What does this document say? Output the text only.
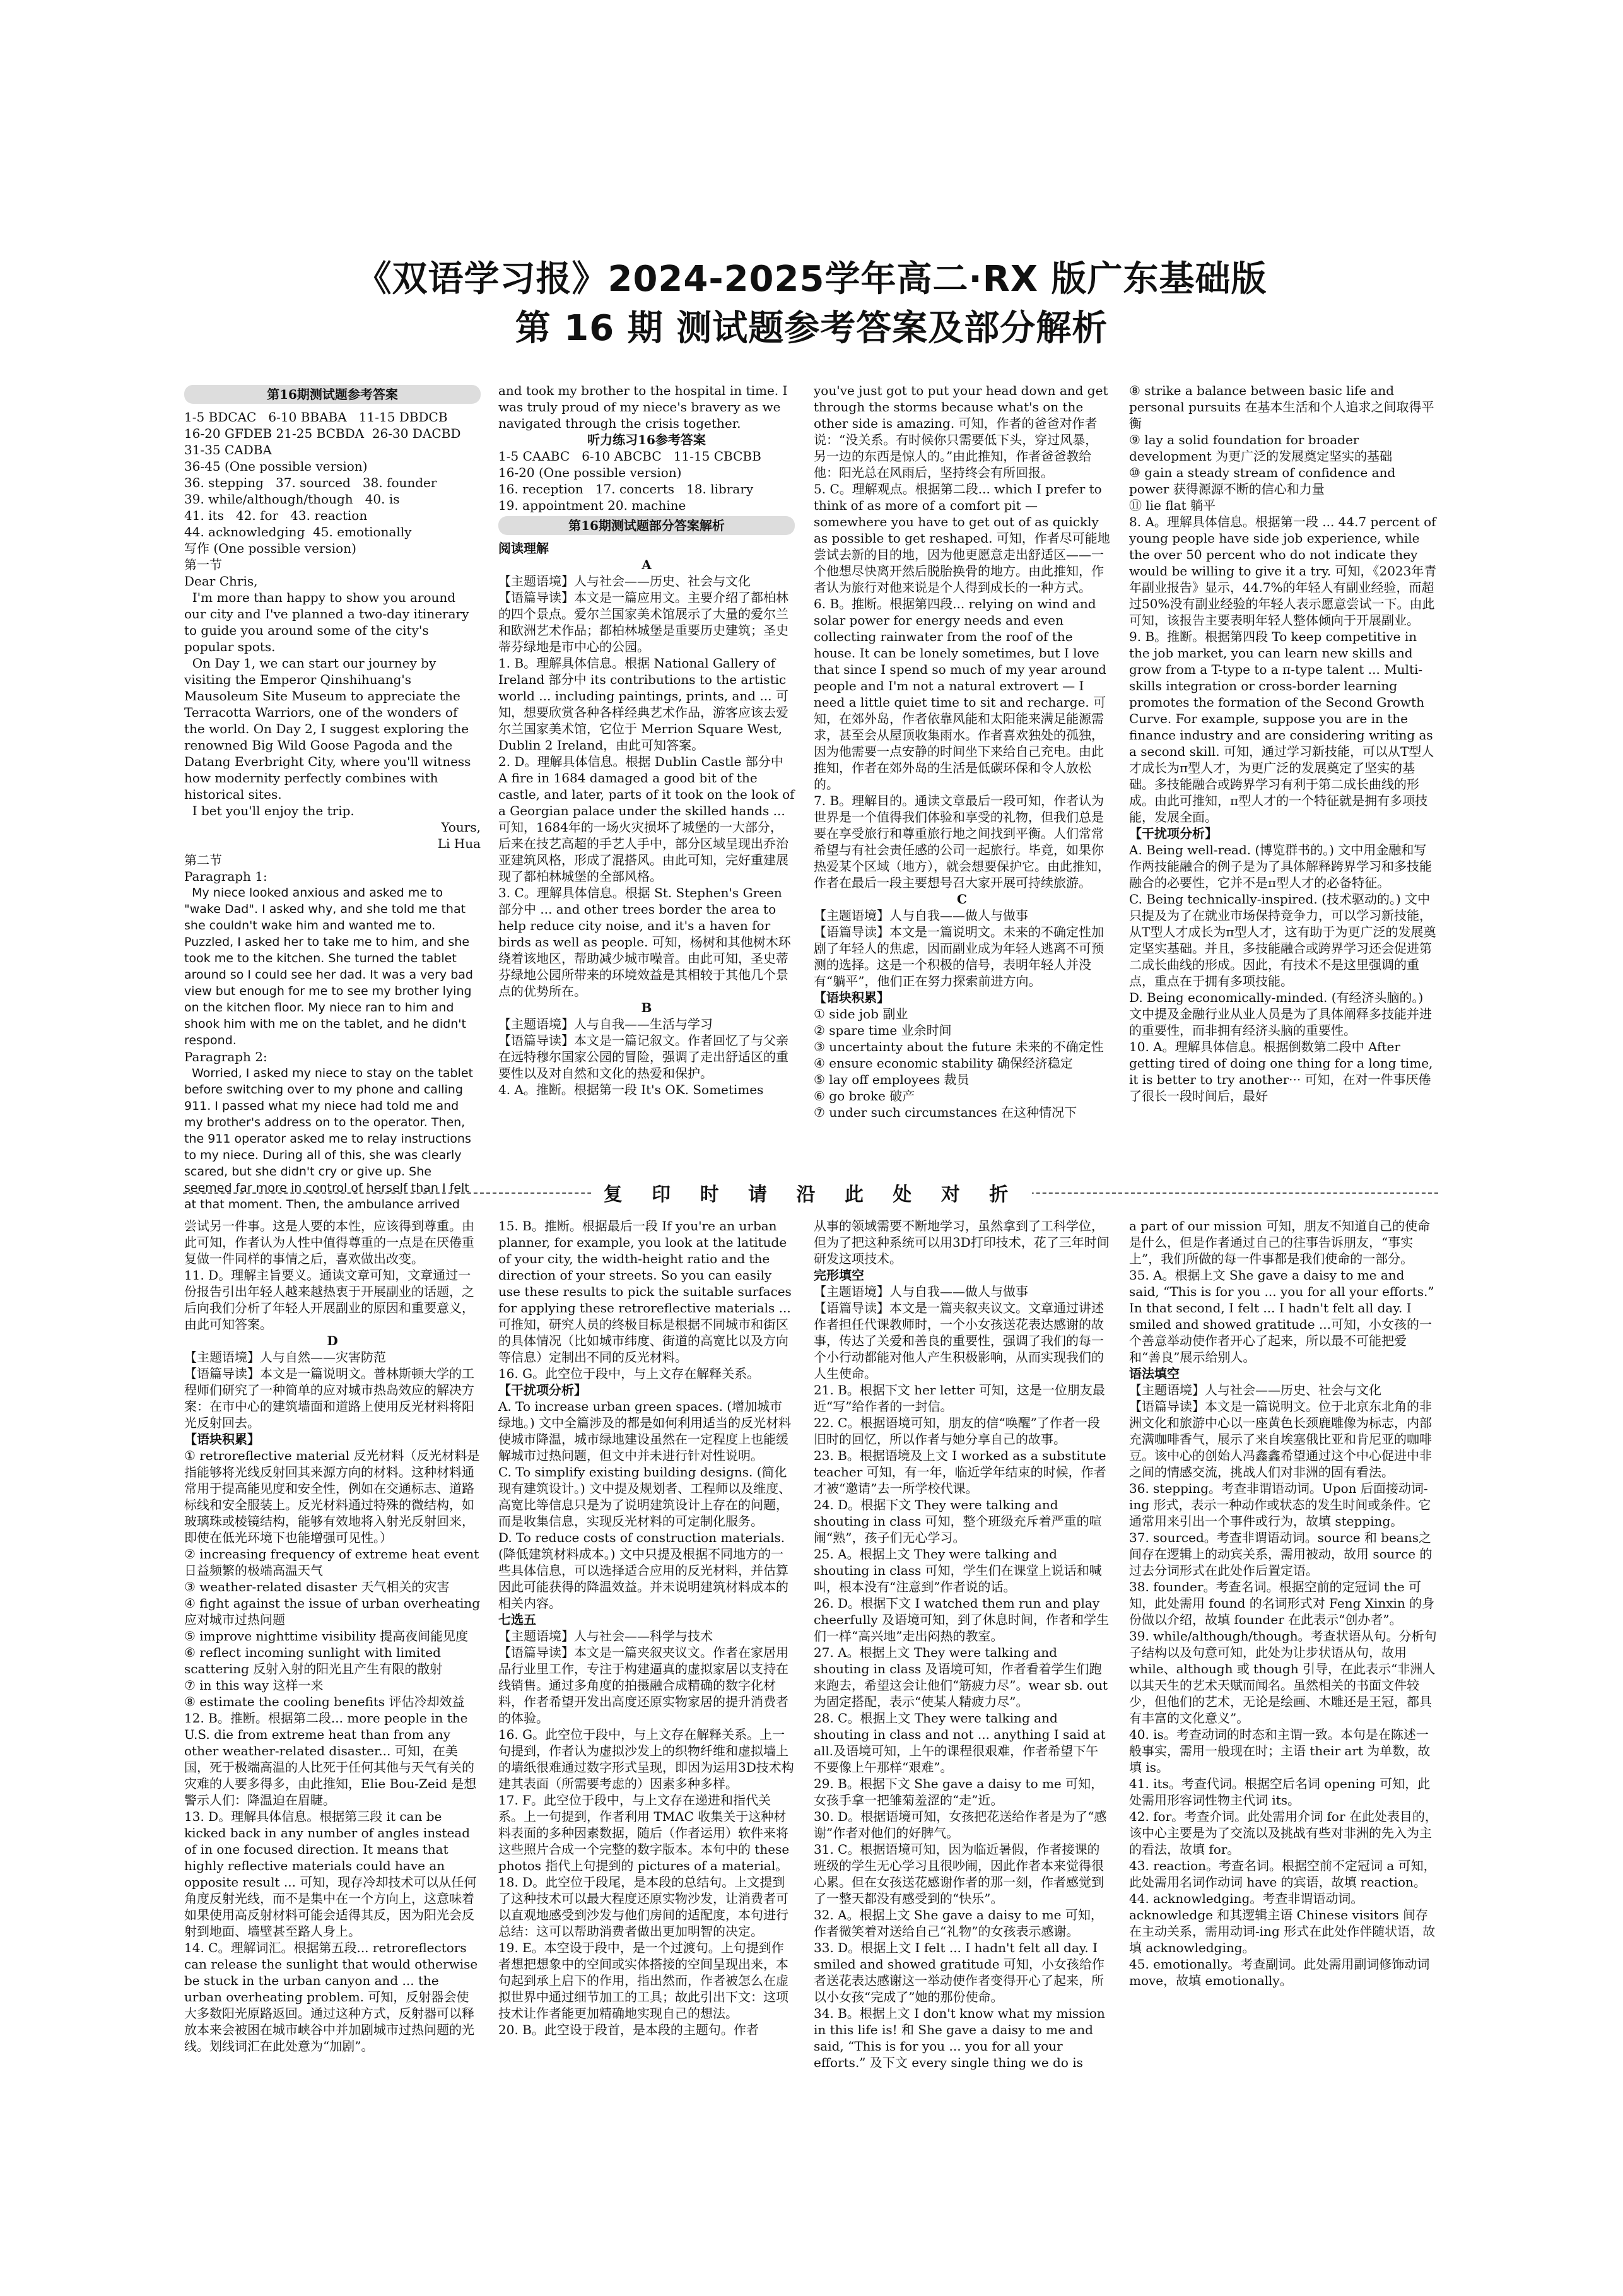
《双语学习报》2024-2025学年高二·RX 版广东基础版
第 16 期 测试题参考答案及部分解析
第16期测试题参考答案

1-5 BDCAC   6-10 BBABA   11-15 DBDCB

16-20 GFDEB 21-25 BCBDA  26-30 DACBD

31-35 CADBA

36-45 (One possible version)

36. stepping   37. sourced   38. founder

39. while/although/though   40. is

41. its   42. for   43. reaction

44. acknowledging  45. emotionally

写作 (One possible version)

第一节

Dear Chris,

I'm more than happy to show you around our city and I've planned a two-day itinerary to guide you around some of the city's popular spots.

On Day 1, we can start our journey by visiting the Emperor Qinshihuang's Mausoleum Site Museum to appreciate the Terracotta Warriors, one of the wonders of the world. On Day 2, I suggest exploring the renowned Big Wild Goose Pagoda and the Datang Everbright City, where you'll witness how modernity perfectly combines with historical sites.

I bet you'll enjoy the trip.

Yours,

Li Hua

第二节

Paragraph 1:

My niece looked anxious and asked me to "wake Dad". I asked why, and she told me that she couldn't wake him and wanted me to. Puzzled, I asked her to take me to him, and she took me to the kitchen. She turned the tablet around so I could see her dad. It was a very bad view but enough for me to see my brother lying on the kitchen floor. My niece ran to him and shook him with me on the tablet, and he didn't respond.

Paragraph 2:

Worried, I asked my niece to stay on the tablet before switching over to my phone and calling 911. I passed what my niece had told me and my brother's address on to the operator. Then, the 911 operator asked me to relay instructions to my niece. During all of this, she was clearly scared, but she didn't cry or give up. She seemed far more in control of herself than I felt at that moment. Then, the ambulance arrived

and took my brother to the hospital in time. I was truly proud of my niece's bravery as we navigated through the crisis together.

听力练习16参考答案

1-5 CAABC   6-10 ABCBC   11-15 CBCBB

16-20 (One possible version)

16. reception   17. concerts   18. library

19. appointment 20. machine

第16期测试题部分答案解析

阅读理解

A

【主题语境】人与社会——历史、社会与文化

【语篇导读】本文是一篇应用文。主要介绍了都柏林的四个景点。爱尔兰国家美术馆展示了大量的爱尔兰和欧洲艺术作品；都柏林城堡是重要历史建筑；圣史蒂芬绿地是市中心的公园。

1. B。理解具体信息。根据 National Gallery of Ireland 部分中 its contributions to the artistic world ... including paintings, prints, and ... 可知，想要欣赏各种各样经典艺术作品，游客应该去爱尔兰国家美术馆，它位于 Merrion Square West, Dublin 2 Ireland，由此可知答案。

2. D。理解具体信息。根据 Dublin Castle 部分中 A fire in 1684 damaged a good bit of the castle, and later, parts of it took on the look of a Georgian palace under the skilled hands ... 可知，1684年的一场火灾损坏了城堡的一大部分，后来在技艺高超的手艺人手中，部分区域呈现出乔治亚建筑风格，形成了混搭风。由此可知，完好重建展现了都柏林城堡的全部风格。

3. C。理解具体信息。根据 St. Stephen's Green 部分中 ... and other trees border the area to help reduce city noise, and it's a haven for birds as well as people. 可知，杨树和其他树木环绕着该地区，帮助减少城市噪音。由此可知，圣史蒂芬绿地公园所带来的环境效益是其相较于其他几个景点的优势所在。

B

【主题语境】人与自我——生活与学习

【语篇导读】本文是一篇记叙文。作者回忆了与父亲在远特穆尔国家公园的冒险，强调了走出舒适区的重要性以及对自然和文化的热爱和保护。

4. A。推断。根据第一段 It's OK. Sometimes

you've just got to put your head down and get through the storms because what's on the other side is amazing. 可知，作者的爸爸对作者说：“没关系。有时候你只需要低下头，穿过风暴，另一边的东西是惊人的。”由此推知，作者爸爸教给他：阳光总在风雨后，坚持终会有所回报。

5. C。理解观点。根据第二段... which I prefer to think of as more of a comfort pit — somewhere you have to get out of as quickly as possible to get reshaped. 可知，作者尽可能地尝试去新的目的地，因为他更愿意走出舒适区——一个他想尽快离开然后脱胎换骨的地方。由此推知，作者认为旅行对他来说是个人得到成长的一种方式。

6. B。推断。根据第四段... relying on wind and solar power for energy needs and even collecting rainwater from the roof of the house. It can be lonely sometimes, but I love that since I spend so much of my year around people and I'm not a natural extrovert — I need a little quiet time to sit and recharge. 可知，在郊外岛，作者依靠风能和太阳能来满足能源需求，甚至会从屋顶收集雨水。作者喜欢独处的孤独，因为他需要一点安静的时间坐下来给自己充电。由此推知，作者在郊外岛的生活是低碳环保和令人放松的。

7. B。理解目的。通读文章最后一段可知，作者认为世界是一个值得我们体验和享受的礼物，但我们总是要在享受旅行和尊重旅行地之间找到平衡。人们常常希望与有社会责任感的公司一起旅行。毕竟，如果你热爱某个区域（地方），就会想要保护它。由此推知，作者在最后一段主要想号召大家开展可持续旅游。

C

【主题语境】人与自我——做人与做事

【语篇导读】本文是一篇说明文。未来的不确定性加剧了年轻人的焦虑，因而副业成为年轻人逃离不可预测的选择。这是一个积极的信号，表明年轻人并没有“躺平”，他们正在努力探索前进方向。

【语块积累】

① side job 副业

② spare time 业余时间

③ uncertainty about the future 未来的不确定性

④ ensure economic stability 确保经济稳定

⑤ lay off employees 裁员

⑥ go broke 破产

⑦ under such circumstances 在这种情况下

⑧ strike a balance between basic life and personal pursuits 在基本生活和个人追求之间取得平衡

⑨ lay a solid foundation for broader development 为更广泛的发展奠定坚实的基础

⑩ gain a steady stream of confidence and power 获得源源不断的信心和力量

⑪ lie flat 躺平

8. A。理解具体信息。根据第一段 ... 44.7 percent of young people have side job experience, while the over 50 percent who do not indicate they would be willing to give it a try. 可知，《2023年青年副业报告》显示，44.7%的年轻人有副业经验，而超过50%没有副业经验的年轻人表示愿意尝试一下。由此可知，该报告主要表明年轻人整体倾向于开展副业。

9. B。推断。根据第四段 To keep competitive in the job market, you can learn new skills and grow from a T-type to a π-type talent ... Multi-skills integration or cross-border learning promotes the formation of the Second Growth Curve. For example, suppose you are in the finance industry and are considering writing as a second skill. 可知，通过学习新技能，可以从T型人才成长为π型人才，为更广泛的发展奠定了坚实的基础。多技能融合或跨界学习有利于第二成长曲线的形成。由此可推知，π型人才的一个特征就是拥有多项技能，发展全面。

【干扰项分析】

A. Being well-read. (博览群书的。) 文中用金融和写作两技能融合的例子是为了具体解释跨界学习和多技能融合的必要性，它并不是π型人才的必备特征。

C. Being technically-inspired. (技术驱动的。) 文中只提及为了在就业市场保持竞争力，可以学习新技能，从T型人才成长为π型人才，这有助于为更广泛的发展奠定坚实基础。并且，多技能融合或跨界学习还会促进第二成长曲线的形成。因此，有技术不是这里强调的重点，重点在于拥有多项技能。

D. Being economically-minded. (有经济头脑的。) 文中提及金融行业从业人员是为了具体阐释多技能并进的重要性，而非拥有经济头脑的重要性。

10. A。理解具体信息。根据倒数第二段中 After getting tired of doing one thing for a long time, it is better to try another··· 可知，在对一件事厌倦了很长一段时间后，最好

复 印 时 请 沿 此 处 对 折

尝试另一件事。这是人要的本性，应该得到尊重。由此可知，作者认为人性中值得尊重的一点是在厌倦重复做一件同样的事情之后，喜欢做出改变。

11. D。理解主旨要义。通读文章可知，文章通过一份报告引出年轻人越来越热衷于开展副业的话题，之后向我们分析了年轻人开展副业的原因和重要意义，由此可知答案。

D

【主题语境】人与自然——灾害防范

【语篇导读】本文是一篇说明文。普林斯顿大学的工程师们研究了一种简单的应对城市热岛效应的解决方案：在市中心的建筑墙面和道路上使用反光材料将阳光反射回去。

【语块积累】

① retroreflective material 反光材料（反光材料是指能够将光线反射回其来源方向的材料。这种材料通常用于提高能见度和安全性，例如在交通标志、道路标线和安全服装上。反光材料通过特殊的微结构，如玻璃珠或棱镜结构，能够有效地将入射光反射回来，即使在低光环境下也能增强可见性。）

② increasing frequency of extreme heat event 日益频繁的极端高温天气

③ weather-related disaster 天气相关的灾害

④ fight against the issue of urban overheating 应对城市过热问题

⑤ improve nighttime visibility 提高夜间能见度

⑥ reflect incoming sunlight with limited scattering 反射入射的阳光且产生有限的散射

⑦ in this way 这样一来

⑧ estimate the cooling benefits 评估冷却效益

12. B。推断。根据第二段... more people in the U.S. die from extreme heat than from any other weather-related disaster... 可知，在美国，死于极端高温的人比死于任何其他与天气有关的灾难的人要多得多，由此推知，Elie Bou-Zeid 是想警示人们：降温迫在眉睫。

13. D。理解具体信息。根据第三段 it can be kicked back in any number of angles instead of in one focused direction. It means that highly reflective materials could have an opposite result ... 可知，现存冷却技术可以从任何角度反射光线，而不是集中在一个方向上，这意味着如果使用高反射材料可能会适得其反，因为阳光会反射到地面、墙壁甚至路人身上。

14. C。理解词汇。根据第五段... retroreflectors can release the sunlight that would otherwise be stuck in the urban canyon and ... the urban overheating problem. 可知，反射器会使大多数阳光原路返回。通过这种方式，反射器可以释放本来会被困在城市峡谷中并加剧城市过热问题的光线。划线词汇在此处意为“加剧”。

15. B。推断。根据最后一段 If you're an urban planner, for example, you look at the latitude of your city, the width-height ratio and the direction of your streets. So you can easily use these results to pick the suitable surfaces for applying these retroreflective materials ... 可推知，研究人员的终极目标是根据不同城市和街区的具体情况（比如城市纬度、街道的高宽比以及方向等信息）定制出不同的反光材料。

16. G。此空位于段中，与上文存在解释关系。

【干扰项分析】

A. To increase urban green spaces. (增加城市绿地。) 文中全篇涉及的都是如何利用适当的反光材料使城市降温，城市绿地建设虽然在一定程度上也能缓解城市过热问题，但文中并未进行针对性说明。

C. To simplify existing building designs. (简化现有建筑设计。) 文中提及规划者、工程师以及维度、高宽比等信息只是为了说明建筑设计上存在的问题，而是收集信息，实现反光材料的可定制化服务。

D. To reduce costs of construction materials. (降低建筑材料成本。) 文中只提及根据不同地方的一些具体信息，可以选择适合应用的反光材料，并估算因此可能获得的降温效益。并未说明建筑材料成本的相关内容。

七选五

【主题语境】人与社会——科学与技术

【语篇导读】本文是一篇夹叙夹议文。作者在家居用品行业里工作，专注于构建逼真的虚拟家居以支持在线销售。通过多角度的拍摄融合成精确的数字化材料，作者希望开发出高度还原实物家居的提升消费者的体验。

16. G。此空位于段中，与上文存在解释关系。上一句提到，作者认为虚拟沙发上的织物纤维和虚拟墙上的墙纸很难通过数字形式呈现，即因为运用3D技术构建其表面（所需要考虑的）因素多种多样。

17. F。此空位于段中，与上文存在递进和指代关系。上一句提到，作者利用 TMAC 收集关于这种材料表面的多种因素数据，随后（作者运用）软件来将这些照片合成一个完整的数字版本。本句中的 these photos 指代上句提到的 pictures of a material。

18. D。此空位于段尾，是本段的总结句。上文提到了这种技术可以最大程度还原实物沙发，让消费者可以直观地感受到沙发与他们房间的适配度，本句进行总结：这可以帮助消费者做出更加明智的决定。

19. E。本空设于段中，是一个过渡句。上句提到作者想把想象中的空间或实体搭接的空间呈现出来，本句起到承上启下的作用，指出然而，作者被怎么在虚拟世界中通过细节加工的工具；故此引出下文：这项技术让作者能更加精确地实现自己的想法。

20. B。此空设于段首，是本段的主题句。作者

从事的领域需要不断地学习，虽然拿到了工科学位，但为了把这种系统可以用3D打印技术，花了三年时间研发这项技术。

完形填空

【主题语境】人与自我——做人与做事

【语篇导读】本文是一篇夹叙夹议文。文章通过讲述作者担任代课教师时，一个小女孩送花表达感谢的故事，传达了关爱和善良的重要性，强调了我们的每一个小行动都能对他人产生积极影响，从而实现我们的人生使命。

21. B。根据下文 her letter 可知，这是一位朋友最近“写”给作者的一封信。

22. C。根据语境可知，朋友的信“唤醒”了作者一段旧时的回忆，所以作者与她分享自己的故事。

23. B。根据语境及上文 I worked as a substitute teacher 可知，有一年，临近学年结束的时候，作者才被“邀请”去一所学校代课。

24. D。根据下文 They were talking and shouting in class 可知，整个班级充斥着严重的喧闹“熟”，孩子们无心学习。

25. A。根据上文 They were talking and shouting in class 可知，学生们在课堂上说话和喊叫，根本没有“注意到”作者说的话。

26. D。根据下文 I watched them run and play cheerfully 及语境可知，到了休息时间，作者和学生们一样“高兴地”走出闷热的教室。

27. A。根据上文 They were talking and shouting in class 及语境可知，作者看着学生们跑来跑去，希望这会让他们“筋疲力尽”。wear sb. out 为固定搭配，表示“使某人精疲力尽”。

28. C。根据上文 They were talking and shouting in class and not ... anything I said at all.及语境可知，上午的课程很艰难，作者希望下午不要像上午那样“艰难”。

29. B。根据下文 She gave a daisy to me 可知，女孩手拿一把雏菊羞涩的“走”近。

30. D。根据语境可知，女孩把花送给作者是为了“感谢”作者对他们的好脾气。

31. C。根据语境可知，因为临近暑假，作者接课的班级的学生无心学习且很吵闹，因此作者本来觉得很心累。但在女孩送花感谢作者的那一刻，作者感觉到了一整天都没有感受到的“快乐”。

32. A。根据上文 She gave a daisy to me 可知，作者微笑着对送给自己“礼物”的女孩表示感谢。

33. D。根据上文 I felt ... I hadn't felt all day. I smiled and showed gratitude 可知，小女孩给作者送花表达感谢这一举动使作者变得开心了起来，所以小女孩“完成了”她的那份使命。

34. B。根据上文 I don't know what my mission in this life is! 和 She gave a daisy to me and said, “This is for you ... you for all your efforts.” 及下文 every single thing we do is

a part of our mission 可知，朋友不知道自己的使命是什么，但是作者通过自己的往事告诉朋友，“事实上”，我们所做的每一件事都是我们使命的一部分。

35. A。根据上文 She gave a daisy to me and said, “This is for you ... you for all your efforts.” In that second, I felt ... I hadn't felt all day. I smiled and showed gratitude ...可知，小女孩的一个善意举动使作者开心了起来，所以最不可能把爱和“善良”展示给别人。

语法填空

【主题语境】人与社会——历史、社会与文化

【语篇导读】本文是一篇说明文。位于北京东北角的非洲文化和旅游中心以一座黄色长颈鹿雕像为标志，内部充满咖啡香气，展示了来自埃塞俄比亚和肯尼亚的咖啡豆。该中心的创始人冯鑫鑫希望通过这个中心促进中非之间的情感交流，挑战人们对非洲的固有看法。

36. stepping。考查非谓语动词。Upon 后面接动词-ing 形式，表示一种动作或状态的发生时间或条件。它通常用来引出一个事件或行为，故填 stepping。

37. sourced。考查非谓语动词。source 和 beans之间存在逻辑上的动宾关系，需用被动，故用 source 的过去分词形式在此处作后置定语。

38. founder。考查名词。根据空前的定冠词 the 可知，此处需用 found 的名词形式对 Feng Xinxin 的身份做以介绍，故填 founder 在此表示“创办者”。

39. while/although/though。考查状语从句。分析句子结构以及句意可知，此处为让步状语从句，故用 while、although 或 though 引导，在此表示“非洲人以其天生的艺术天赋而闻名。虽然相关的书面文件较少，但他们的艺术，无论是绘画、木雕还是王冠，都具有丰富的文化意义”。

40. is。考查动词的时态和主谓一致。本句是在陈述一般事实，需用一般现在时；主语 their art 为单数，故填 is。

41. its。考查代词。根据空后名词 opening 可知，此处需用形容词性物主代词 its。

42. for。考查介词。此处需用介词 for 在此处表目的，该中心主要是为了交流以及挑战有些对非洲的先入为主的看法，故填 for。

43. reaction。考查名词。根据空前不定冠词 a 可知，此处需用名词作动词 have 的宾语，故填 reaction。

44. acknowledging。考查非谓语动词。acknowledge 和其逻辑主语 Chinese visitors 间存在主动关系，需用动词-ing 形式在此处作伴随状语，故填 acknowledging。

45. emotionally。考查副词。此处需用副词修饰动词 move，故填 emotionally。
